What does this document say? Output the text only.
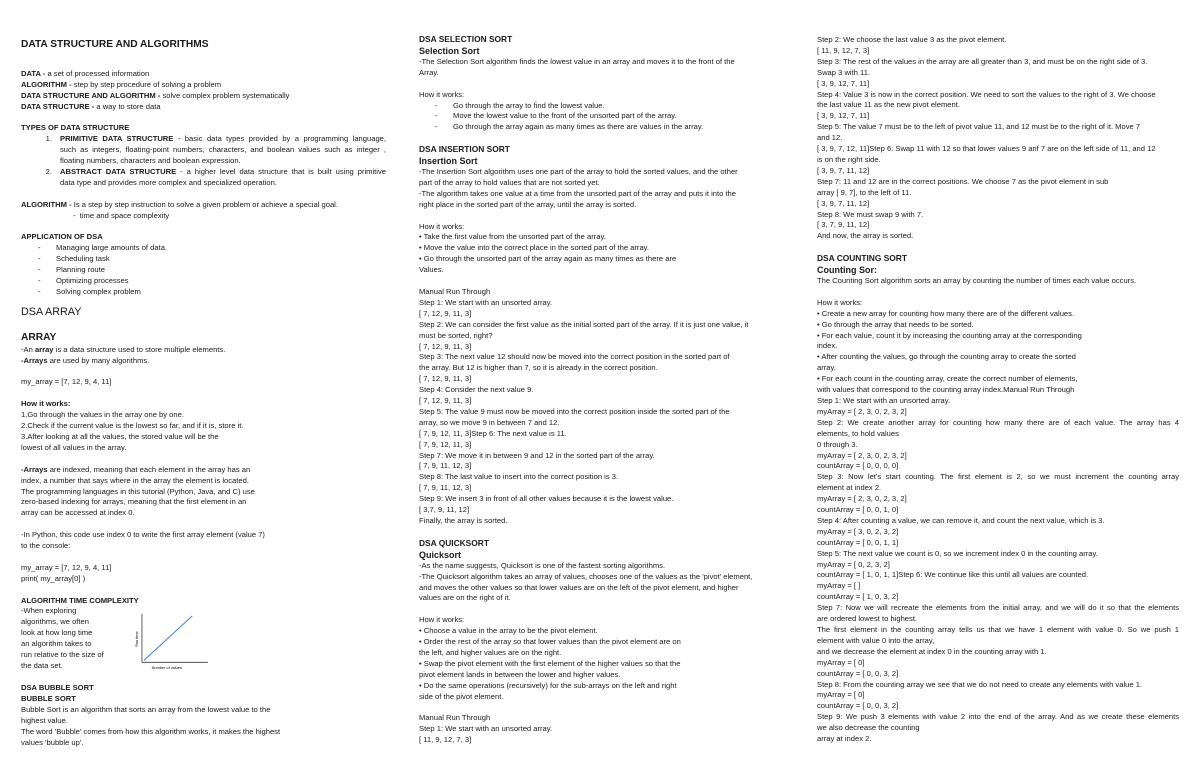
DATA STRUCTURE AND ALGORITHMS
DATA - a set of processed information
ALGORITHM - step by step procedure of solving a problem
DATA STRUCTURE AND ALGORITHM - solve complex problem systematically
DATA STRUCTURE - a way to store data
TYPES OF DATA STRUCTURE
1.	PRIMITIVE DATA STRUCTURE - basic data types provided by a programming language,
such as integers, floating-point numbers, characters, and boolean values such as integer ,
floating numbers, characters and boolean expression.
2.	ABSTRACT DATA STRUCTURE - a higher level data structure that is built using primitive
data type and provides more complex and specialized operation.
ALGORITHM - Is a step by step instruction to solve a given problem or achieve a special goal.
-  time and space complexity
APPLICATION OF DSA
-	Managing large amounts of data.
-	Scheduling task
-	Planning route
-	Optimizing processes
-	Solving complex problem
DSA ARRAY
ARRAY
-An array is a data structure used to store multiple elements.
-Arrays are used by many algorithms.
my_array = [7, 12, 9, 4, 11]
How it works:
1.Go through the values in the array one by one.
2.Check if the current value is the lowest so far, and if it is, store it.
3.After looking at all the values, the stored value will be the
lowest of all values in the array.
-Arrays are indexed, meaning that each element in the array has an
index, a number that says where in the array the element is located.
The programming languages in this tutorial (Python, Java, and C) use
zero-based indexing for arrays, meaning that the first element in an
array can be accessed at index 0.
-In Python, this code use index 0 to write the first array element (value 7)
to the console:
my_array = [7, 12, 9, 4, 11]
print( my_array[0] )
ALGORITHM TIME COMPLEXITY
-When exploring
algorithms, we often
look at how long time
an algorithm takes to
run relative to the size of
the data set.
Run time
Number of values
DSA BUBBLE SORT
BUBBLE SORT
Bubble Sort is an algorithm that sorts an array from the lowest value to the
highest value.
The word 'Bubble' comes from how this algorithm works, it makes the highest
values 'bubble up'.
DSA SELECTION SORT
Selection Sort
-The Selection Sort algorithm finds the lowest value in an array and moves it to the front of the
Array.
How it works:
-	Go through the array to find the lowest value.
-	Move the lowest value to the front of the unsorted part of the array.
-	Go through the array again as many times as there are values in the array.
DSA INSERTION SORT
Insertion Sort
-The Insertion Sort algorithm uses one part of the array to hold the sorted values, and the other
part of the array to hold values that are not sorted yet.
-The algorithm takes one value at a time from the unsorted part of the array and puts it into the
right place in the sorted part of the array, until the array is sorted.
How it works:
• Take the first value from the unsorted part of the array.
• Move the value into the correct place in the sorted part of the array.
• Go through the unsorted part of the array again as many times as there are
Values.
Manual Run Through
Step 1: We start with an unsorted array.
[ 7, 12, 9, 11, 3]
Step 2: We can consider the first value as the initial sorted part of the array. If it is just one value, it
must be sorted, right?
[ 7, 12, 9, 11, 3]
Step 3: The next value 12 should now be moved into the correct position in the sorted part of
the array. But 12 is higher than 7, so it is already in the correct position.
[ 7, 12, 9, 11, 3]
Step 4: Consider the next value 9.
[ 7, 12, 9, 11, 3]
Step 5: The value 9 must now be moved into the correct position inside the sorted part of the
array, so we move 9 in between 7 and 12.
[ 7, 9, 12, 11, 3]Step 6: The next value is 11.
[ 7, 9, 12, 11, 3]
Step 7: We move it in between 9 and 12 in the sorted part of the array.
[ 7, 9, 11, 12, 3]
Step 8: The last value to insert into the correct position is 3.
[ 7, 9, 11, 12, 3]
Step 9: We insert 3 in front of all other values because it is the lowest value.
[ 3,7, 9, 11, 12]
Finally, the array is sorted.
DSA QUICKSORT
Quicksort
-As the name suggests, Quicksort is one of the fastest sorting algorithms.
-The Quicksort algorithm takes an array of values, chooses one of the values as the 'pivot' element,
and moves the other values so that lower values are on the left of the pivot element, and higher
values are on the right of it.
How it works:
• Choose a value in the array to be the pivot element.
• Order the rest of the array so that lower values than the pivot element are on
the left, and higher values are on the right.
• Swap the pivot element with the first element of the higher values so that the
pivot element lands in between the lower and higher values.
• Do the same operations (recursively) for the sub-arrays on the left and right
side of the pivot element.
Manual Run Through
Step 1: We start with an unsorted array.
[ 11, 9, 12, 7, 3]
Step 2: We choose the last value 3 as the pivot element.
[ 11, 9, 12, 7, 3]
Step 3: The rest of the values in the array are all greater than 3, and must be on the right side of 3.
Swap 3 with 11.
[ 3, 9, 12, 7, 11]
Step 4: Value 3 is now in the correct position. We need to sort the values to the right of 3. We choose
the last value 11 as the new pivot element.
[ 3, 9, 12, 7, 11]
Step 5: The value 7 must be to the left of pivot value 11, and 12 must be to the right of it. Move 7
and 12.
[ 3, 9, 7, 12, 11]Step 6: Swap 11 with 12 so that lower values 9 anf 7 are on the left side of 11, and 12
is on the right side.
[ 3, 9, 7, 11, 12]
Step 7: 11 and 12 are in the correct positions. We choose 7 as the pivot element in sub
array [ 9, 7], to the left of 11.
[ 3, 9, 7, 11, 12]
Step 8: We must swap 9 with 7.
[ 3, 7, 9, 11, 12]
And now, the array is sorted.
DSA COUNTING SORT
Counting Sor:
The Counting Sort algorithm sorts an array by counting the number of times each value occurs.
How it works:
• Create a new array for counting how many there are of the different values.
• Go through the array that needs to be sorted.
• For each value, count it by increasing the counting array at the corresponding
index.
• After counting the values, go through the counting array to create the sorted
array.
• For each count in the counting array, create the correct number of elements,
with values that correspond to the counting array index.Manual Run Through
Step 1: We start with an unsorted array.
myArray = [ 2, 3, 0, 2, 3, 2]
Step 2: We create another array for counting how many there are of each value. The array has 4
elements, to hold values
0 through 3.
myArray = [ 2, 3, 0, 2, 3, 2]
countArray = [ 0, 0, 0, 0]
Step 3: Now let's start counting. The first element is 2, so we must increment the counting array
element at index 2.
myArray = [ 2, 3, 0, 2, 3, 2]
countArray = [ 0, 0, 1, 0]
Step 4: After counting a value, we can remove it, and count the next value, which is 3.
myArray = [ 3, 0, 2, 3, 2]
countArray = [ 0, 0, 1, 1]
Step 5: The next value we count is 0, so we increment index 0 in the counting array.
myArray = [ 0, 2, 3, 2]
countArray = [ 1, 0, 1, 1]Step 6: We continue like this until all values are counted.
myArray = [ ]
countArray = [ 1, 0, 3, 2]
Step 7: Now we will recreate the elements from the initial array, and we will do it so that the elements
are ordered lowest to highest.
The first element in the counting array tells us that we have 1 element with value 0. So we push 1
element with value 0 into the array,
and we decrease the element at index 0 in the counting array with 1.
myArray = [ 0]
countArray = [ 0, 0, 3, 2]
Step 8: From the counting array we see that we do not need to create any elements with value 1.
myArray = [ 0]
countArray = [ 0, 0, 3, 2]
Step 9: We push 3 elements with value 2 into the end of the array. And as we create these elements
we also decrease the counting
array at index 2.
